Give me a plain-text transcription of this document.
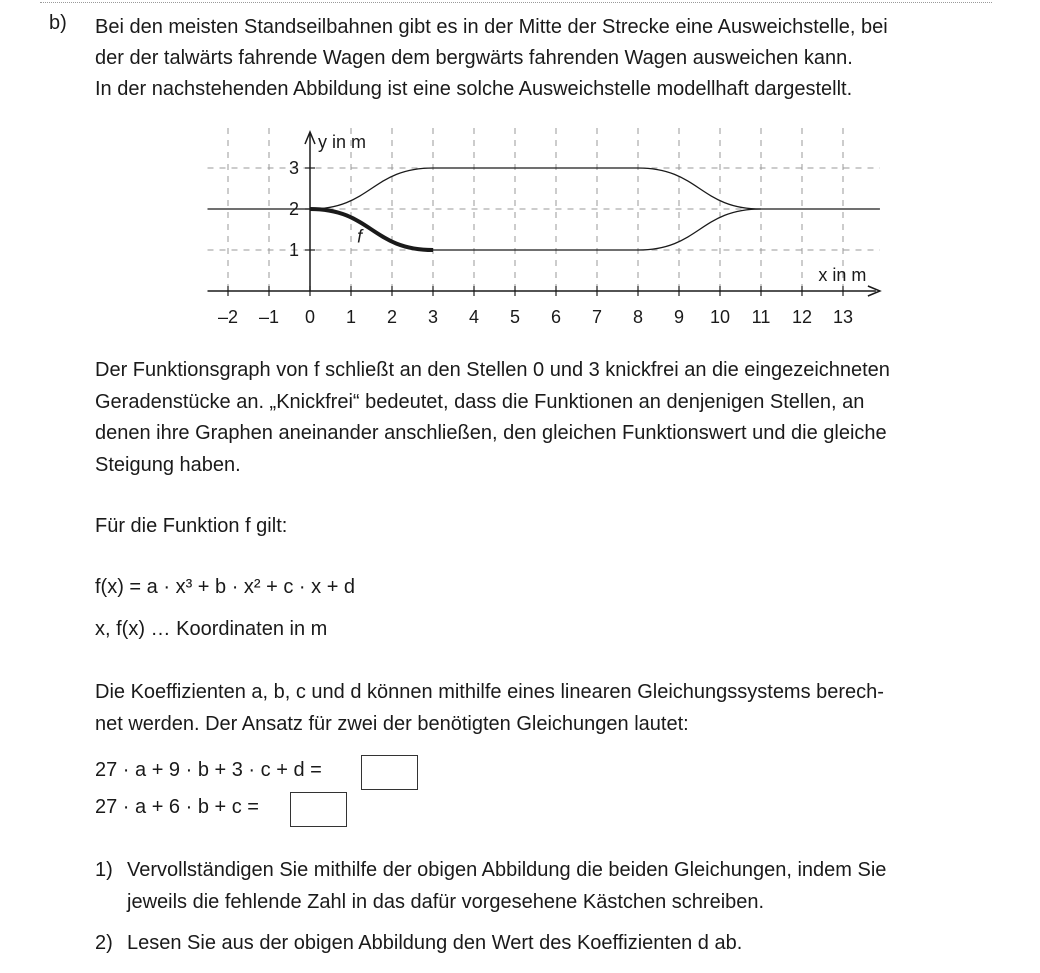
b) Bei den meisten Standseilbahnen gibt es in der Mitte der Strecke eine Ausweichstelle, bei
der der talwärts fahrende Wagen dem bergwärts fahrenden Wagen ausweichen kann.
In der nachstehenden Abbildung ist eine solche Ausweichstelle modellhaft dargestellt.
–2 –1 0 1 2 3 4 5 6 7 8 9 10 11 12 13
1
2
3
y in m
x in m
f
Der Funktionsgraph von f schließt an den Stellen 0 und 3 knickfrei an die eingezeichneten
Geradenstücke an. „Knickfrei“ bedeutet, dass die Funktionen an denjenigen Stellen, an
denen ihre Graphen aneinander anschließen, den gleichen Funktionswert und die gleiche
Steigung haben.
Für die Funktion f gilt:
f(x) = a · x³ + b · x² + c · x + d
x, f(x) … Koordinaten in m
Die Koeffizienten a, b, c und d können mithilfe eines linearen Gleichungssystems berech-
net werden. Der Ansatz für zwei der benötigten Gleichungen lautet:
27 · a + 9 · b + 3 · c + d =
27 · a + 6 · b + c =
1) Vervollständigen Sie mithilfe der obigen Abbildung die beiden Gleichungen, indem Sie
jeweils die fehlende Zahl in das dafür vorgesehene Kästchen schreiben.
2) Lesen Sie aus der obigen Abbildung den Wert des Koeffizienten d ab.
